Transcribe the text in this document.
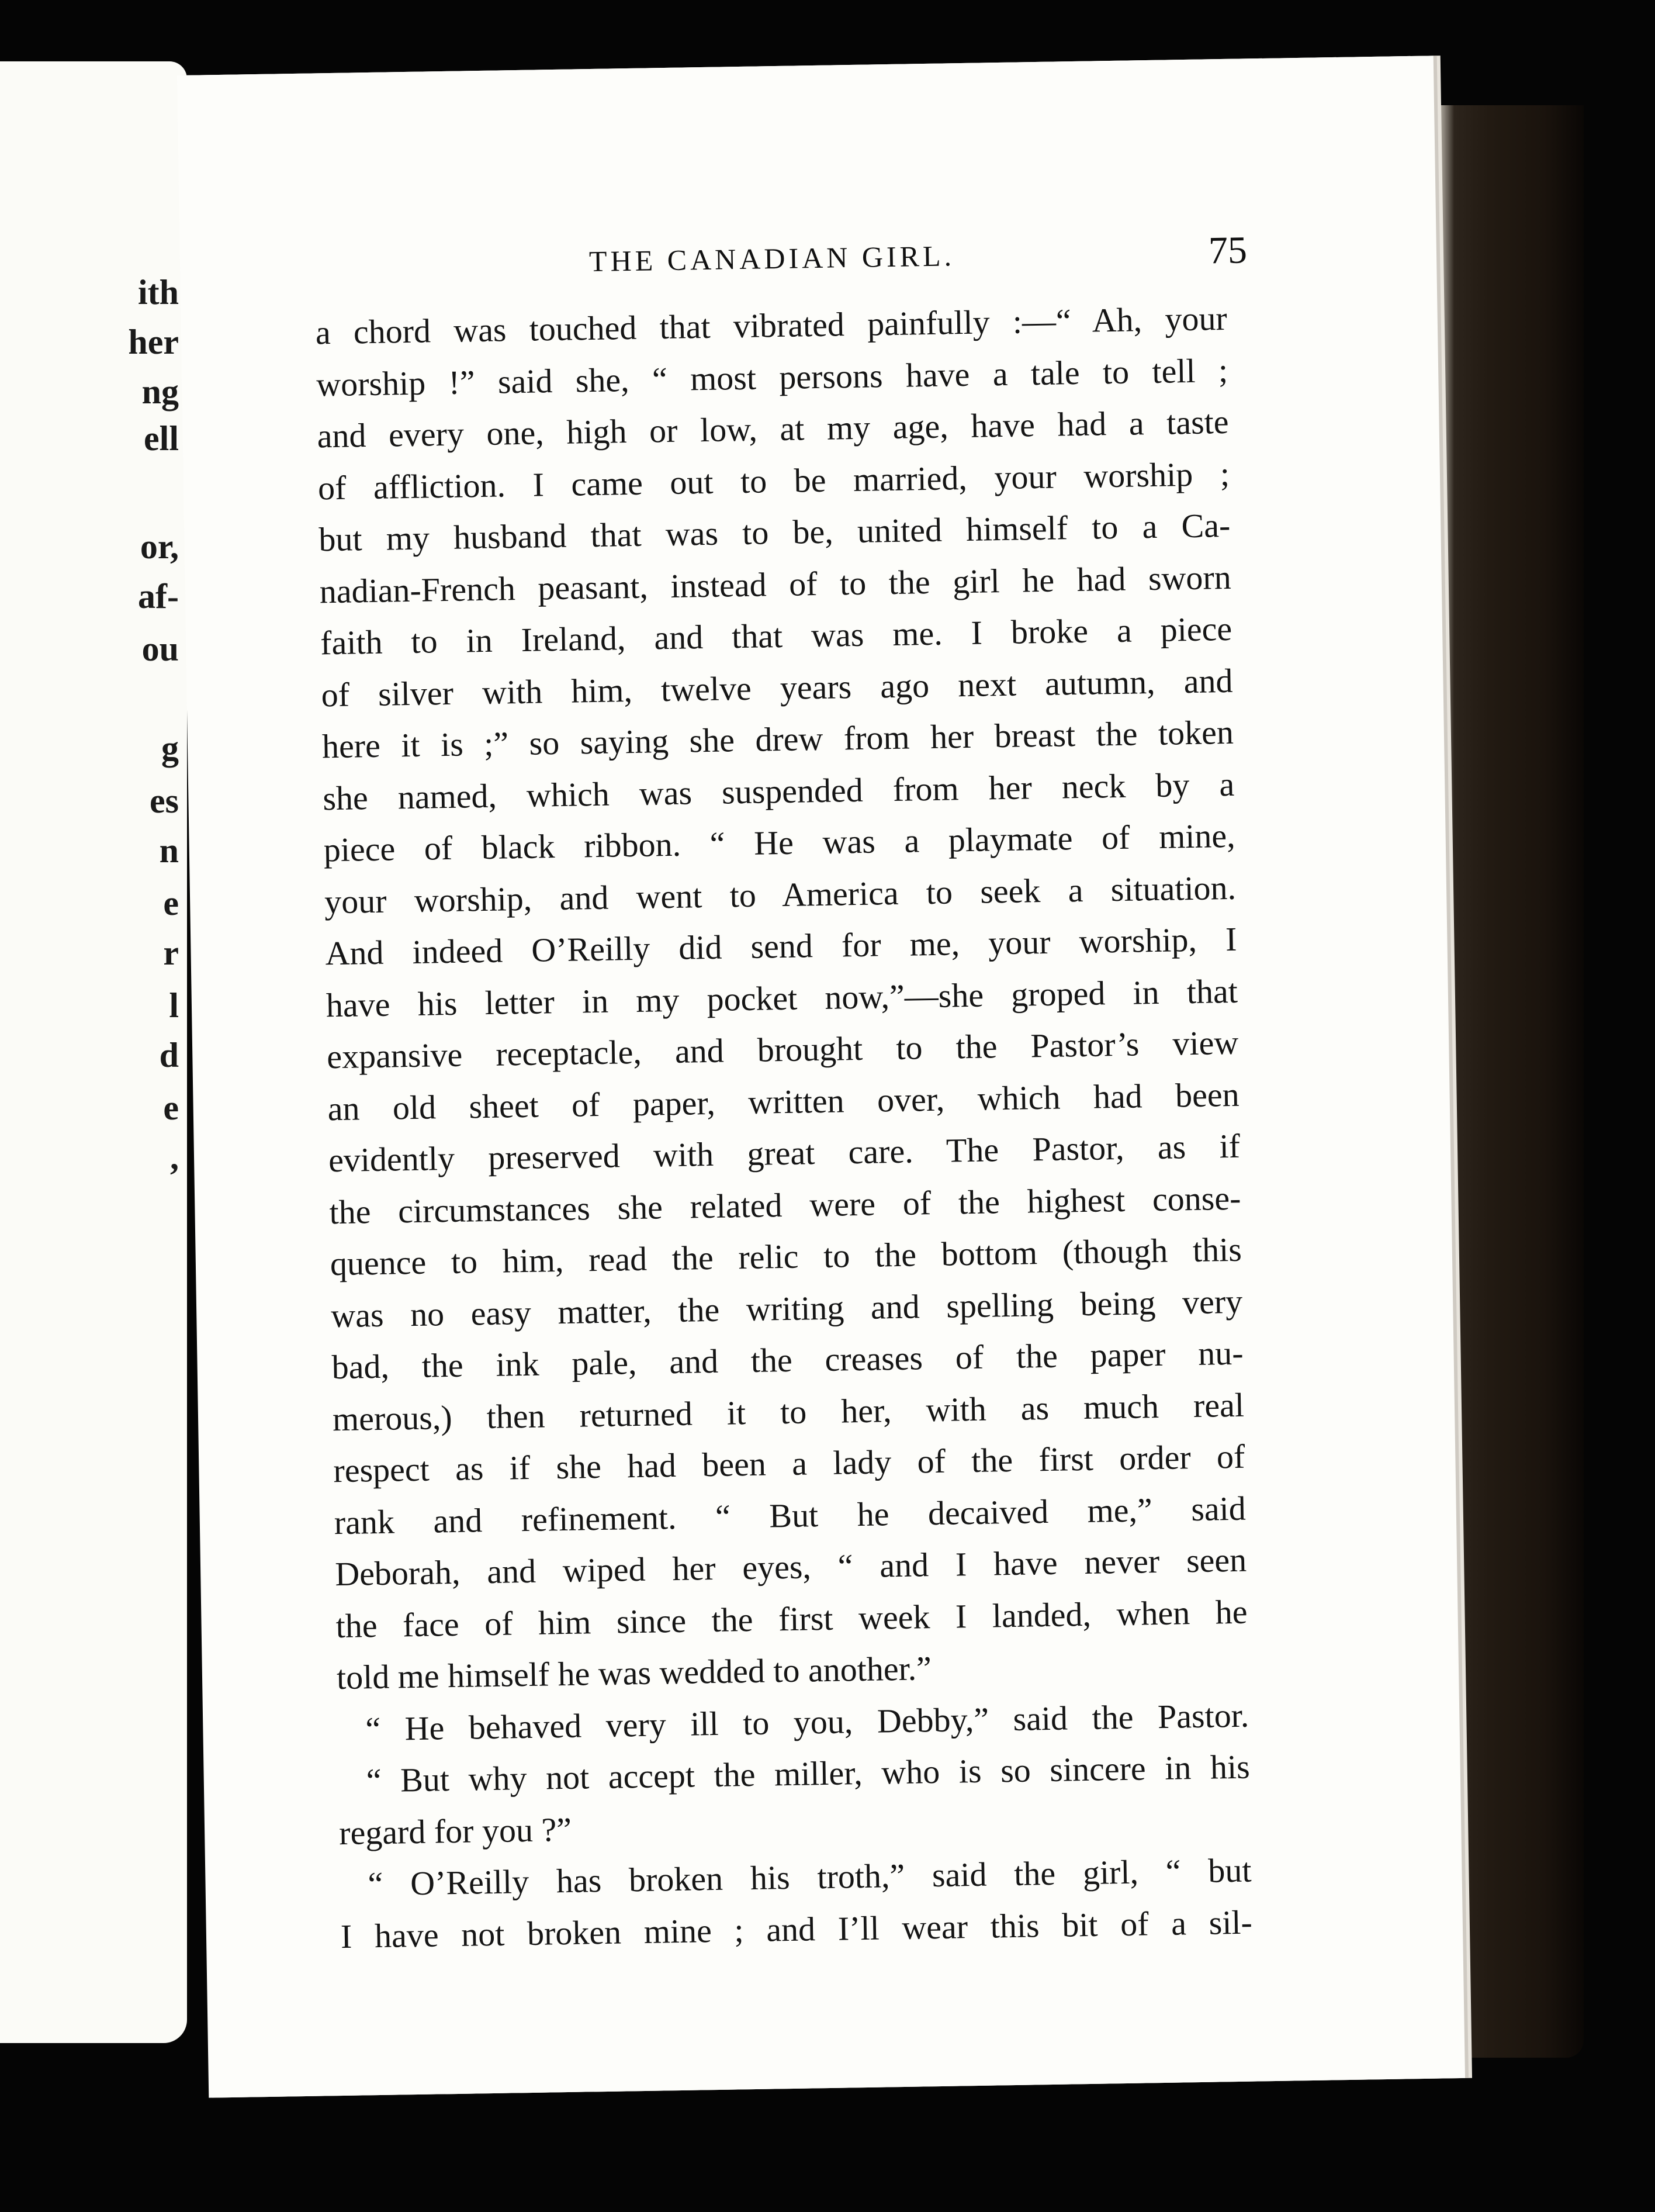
ith

her

ng

ell

or,

af-

ou

g

es

n

e

r

l

d

e

,

THE CANADIAN GIRL.	75

a chord was touched that vibrated painfully :—“ Ah, your
worship !” said she, “ most persons have a tale to tell ;
and every one, high or low, at my age, have had a taste
of affliction. I came out to be married, your worship ;
but my husband that was to be, united himself to a Ca-
nadian-French peasant, instead of to the girl he had sworn
faith to in Ireland, and that was me. I broke a piece
of silver with him, twelve years ago next autumn, and
here it is ;” so saying she drew from her breast the token
she named, which was suspended from her neck by a
piece of black ribbon. “ He was a playmate of mine,
your worship, and went to America to seek a situation.
And indeed O’Reilly did send for me, your worship, I
have his letter in my pocket now,”—she groped in that
expansive receptacle, and brought to the Pastor’s view
an old sheet of paper, written over, which had been
evidently preserved with great care. The Pastor, as if
the circumstances she related were of the highest conse-
quence to him, read the relic to the bottom (though this
was no easy matter, the writing and spelling being very
bad, the ink pale, and the creases of the paper nu-
merous,) then returned it to her, with as much real
respect as if she had been a lady of the first order of
rank and refinement. “ But he decaived me,” said
Deborah, and wiped her eyes, “ and I have never seen
the face of him since the first week I landed, when he
told me himself he was wedded to another.”
“ He behaved very ill to you, Debby,” said the Pastor.
“ But why not accept the miller, who is so sincere in his
regard for you ?”
“ O’Reilly has broken his troth,” said the girl, “ but
I have not broken mine ; and I’ll wear this bit of a sil-
